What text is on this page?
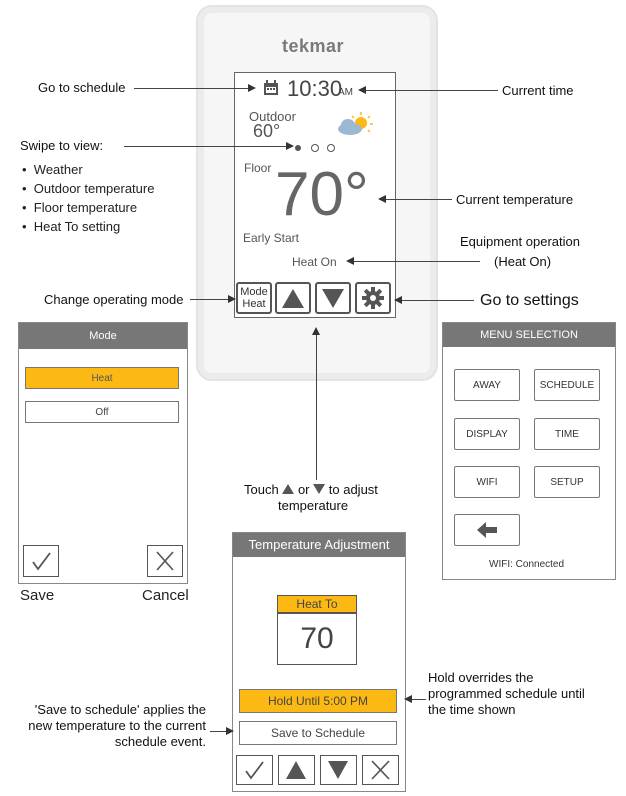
tekmar
10:30
AM
Outdoor
60°
Floor 70°
Early Start
Heat On
Mode
Heat
Go to schedule	Current time
Swipe to view:
•  Weather
•  Outdoor temperature
•  Floor temperature
•  Heat To setting
Current temperature
Equipment operation
(Heat On)
Change operating mode	Go to settings
Touch or to adjust
temperature
Mode
Heat
Off
Save	Cancel
MENU SELECTION
AWAY	SCHEDULE
DISPLAY	TIME
WIFI	SETUP
WIFI: Connected
Temperature Adjustment
Heat To
70
Hold Until 5:00 PM
Save to Schedule
Hold overrides the
programmed schedule until
the time shown
'Save to schedule' applies the
new temperature to the current
schedule event.
